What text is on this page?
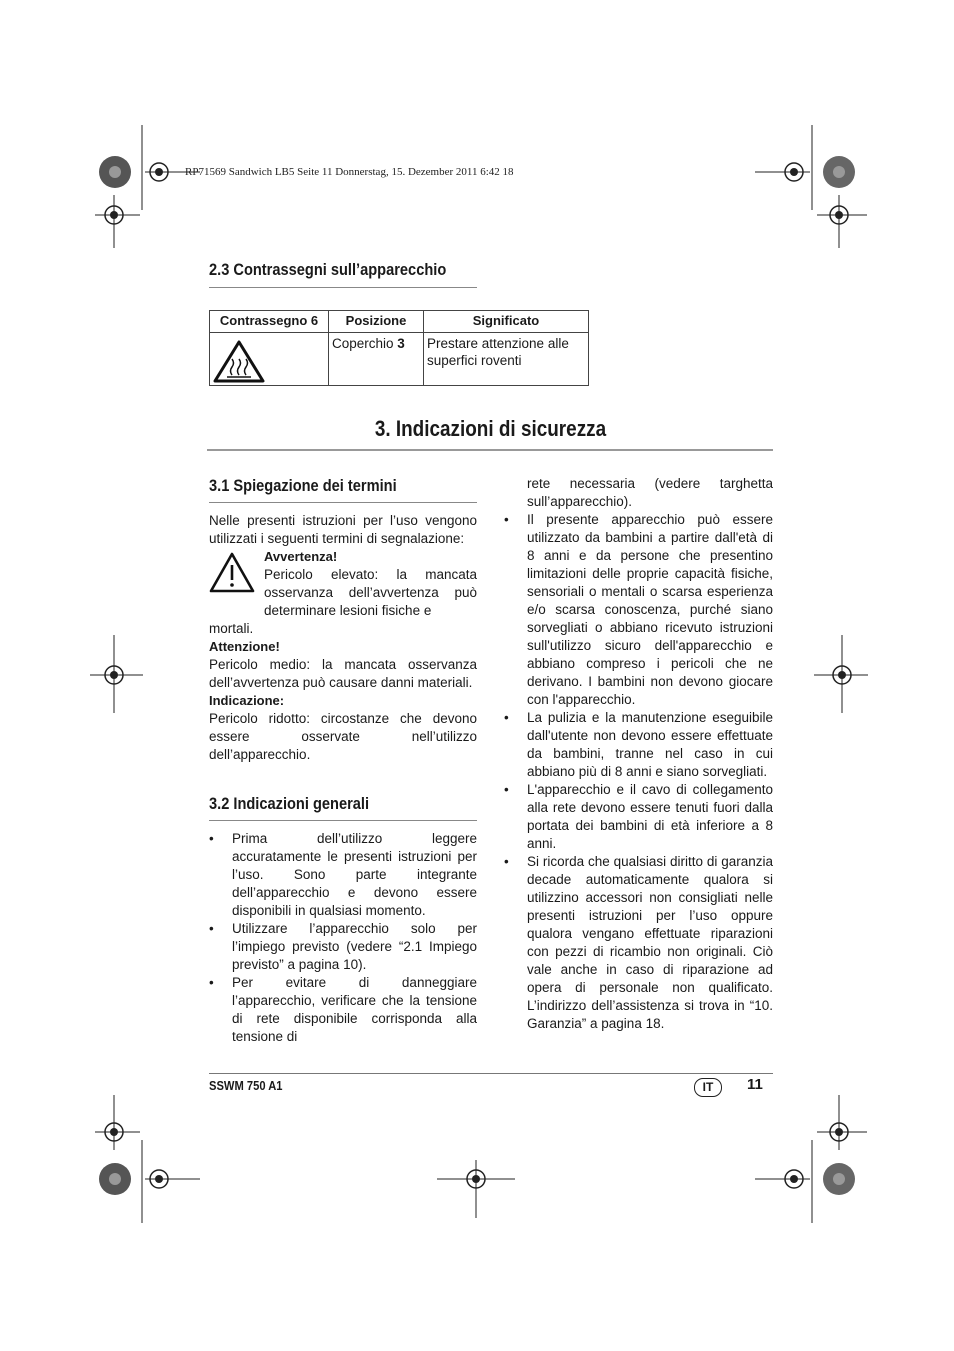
RP71569 Sandwich LB5 Seite 11 Donnerstag, 15. Dezember 2011 6:42 18
2.3 Contrassegni sull’apparecchio
Contrassegno 6	Posizione	Significato

	Coperchio 3	Prestare attenzione alle superfici roventi
3. Indicazioni di sicurezza
3.1 Spiegazione dei termini

Nelle presenti istruzioni per l’uso vengono utilizzati i seguenti termini di segnalazione:

Avvertenza!

Pericolo elevato: la mancata osservanza dell’avvertenza può determinare lesioni fisiche e

mortali.

Attenzione!

Pericolo medio: la mancata osservanza dell’avvertenza può causare danni materiali.

Indicazione:

Pericolo ridotto: circostanze che devono essere osservate nell’utilizzo dell’apparecchio.

3.2 Indicazioni generali
• Prima dell’utilizzo leggere accuratamente le presenti istruzioni per l’uso. Sono parte integrante dell’apparecchio e devono essere disponibili in qualsiasi momento.
• Utilizzare l’apparecchio solo per l’impiego previsto (vedere “2.1 Impiego previsto” a pagina 10).
• Per evitare di danneggiare l’apparecchio, verificare che la tensione di rete disponibile corrisponda alla tensione di

rete necessaria (vedere targhetta sull’apparecchio).

• Il presente apparecchio può essere utilizzato da bambini a partire dall'età di 8 anni e da persone che presentino limitazioni delle proprie capacità fisiche, sensoriali o mentali o scarsa esperienza e/o scarsa conoscenza, purché siano sorvegliati o abbiano ricevuto istruzioni sull'utilizzo sicuro dell'apparecchio e abbiano compreso i pericoli che ne derivano. I bambini non devono giocare con l'apparecchio.
• La pulizia e la manutenzione eseguibile dall'utente non devono essere effettuate da bambini, tranne nel caso in cui abbiano più di 8 anni e siano sorvegliati.
• L'apparecchio e il cavo di collegamento alla rete devono essere tenuti fuori dalla portata dei bambini di età inferiore a 8 anni.
• Si ricorda che qualsiasi diritto di garanzia decade automaticamente qualora si utilizzino accessori non consigliati nelle presenti istruzioni per l’uso oppure qualora vengano effettuate riparazioni con pezzi di ricambio non originali. Ciò vale anche in caso di riparazione ad opera di personale non qualificato. L’indirizzo dell’assistenza si trova in “10. Garanzia” a pagina 18.
SSWM 750 A1	IT	11
